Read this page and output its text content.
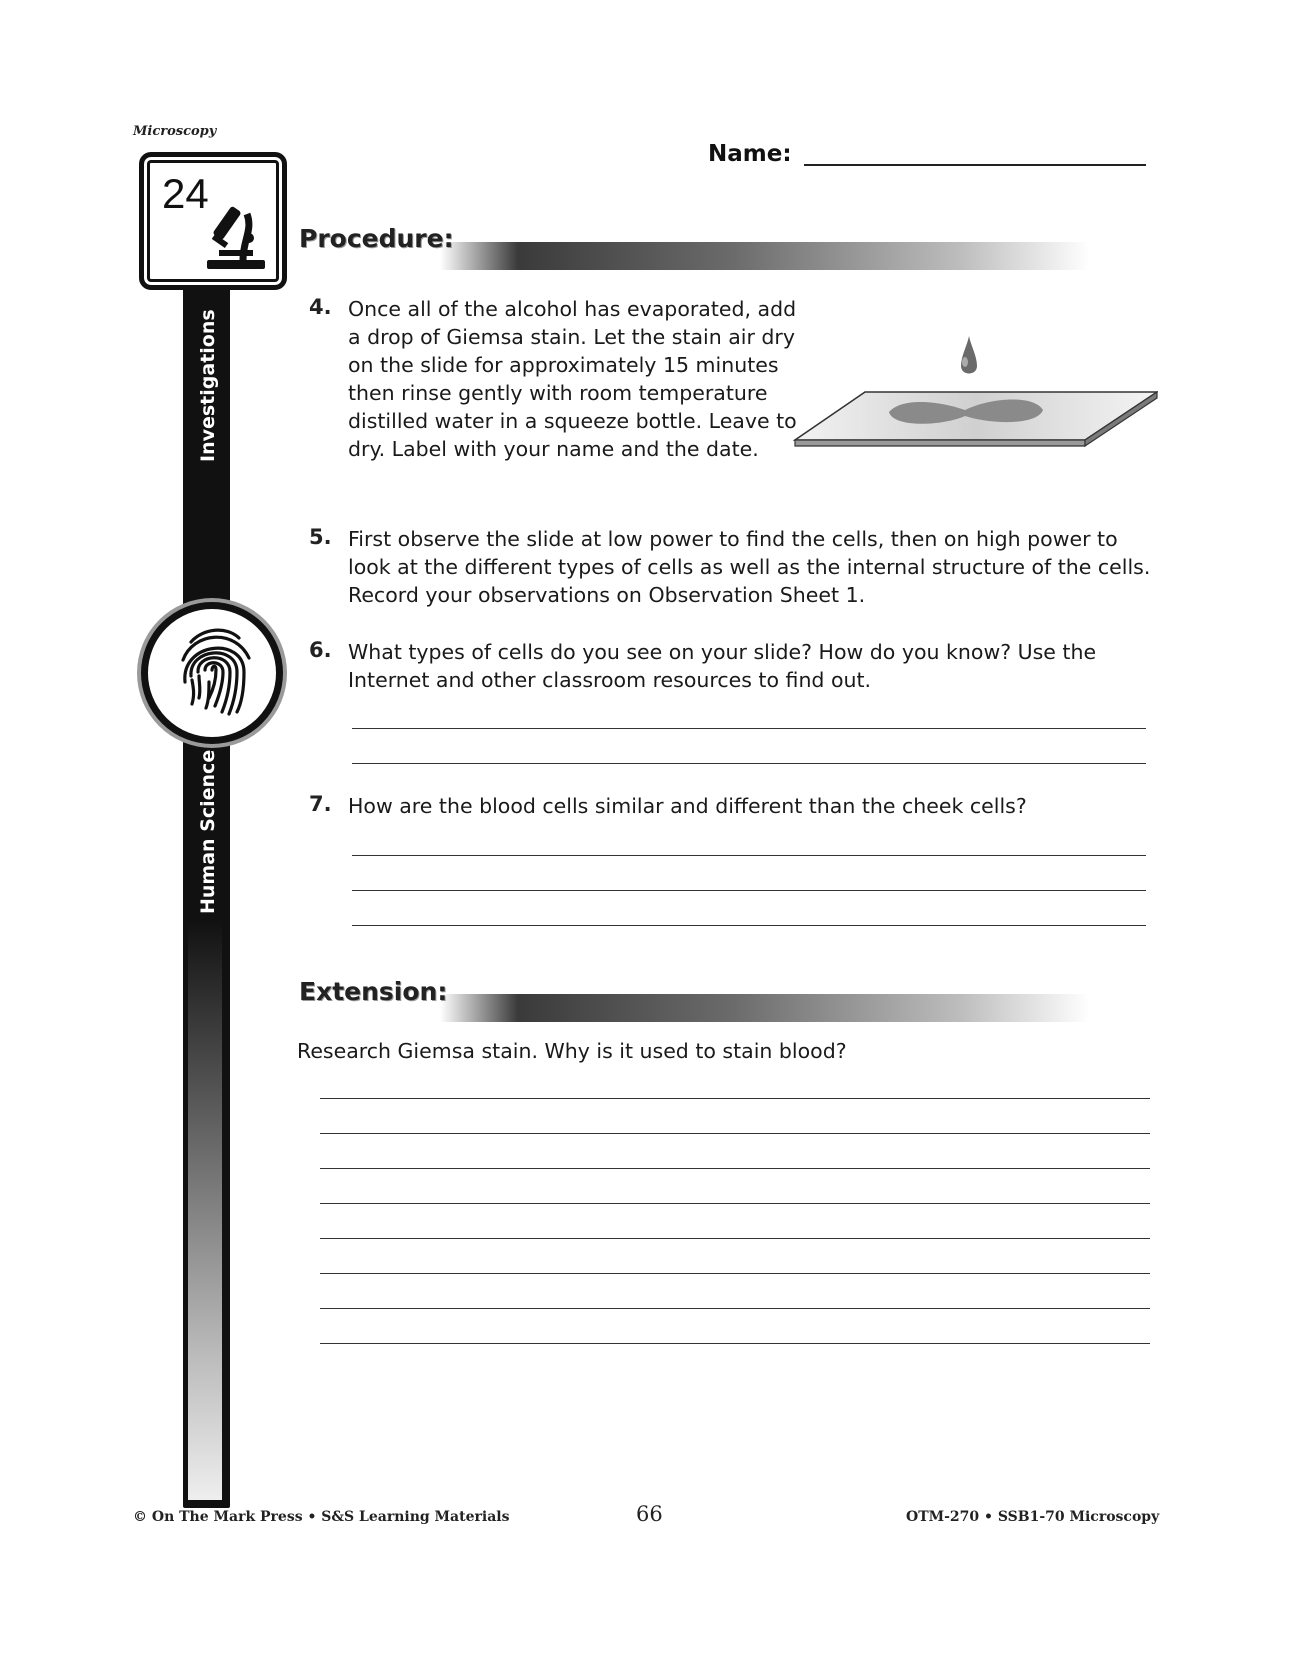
Microscopy
Name:
24
Investigations
Human Science
Procedure:
4. Once all of the alcohol has evaporated, add a drop of Giemsa stain. Let the stain air dry on the slide for approximately 15 minutes then rinse gently with room temperature distilled water in a squeeze bottle. Leave to dry. Label with your name and the date.
5. First observe the slide at low power to find the cells, then on high power to look at the different types of cells as well as the internal structure of the cells. Record your observations on Observation Sheet 1.
6. What types of cells do you see on your slide? How do you know? Use the Internet and other classroom resources to find out.
7. How are the blood cells similar and different than the cheek cells?
Extension:
Research Giemsa stain. Why is it used to stain blood?
© On The Mark Press • S&S Learning Materials	66	OTM-270 • SSB1-70 Microscopy
